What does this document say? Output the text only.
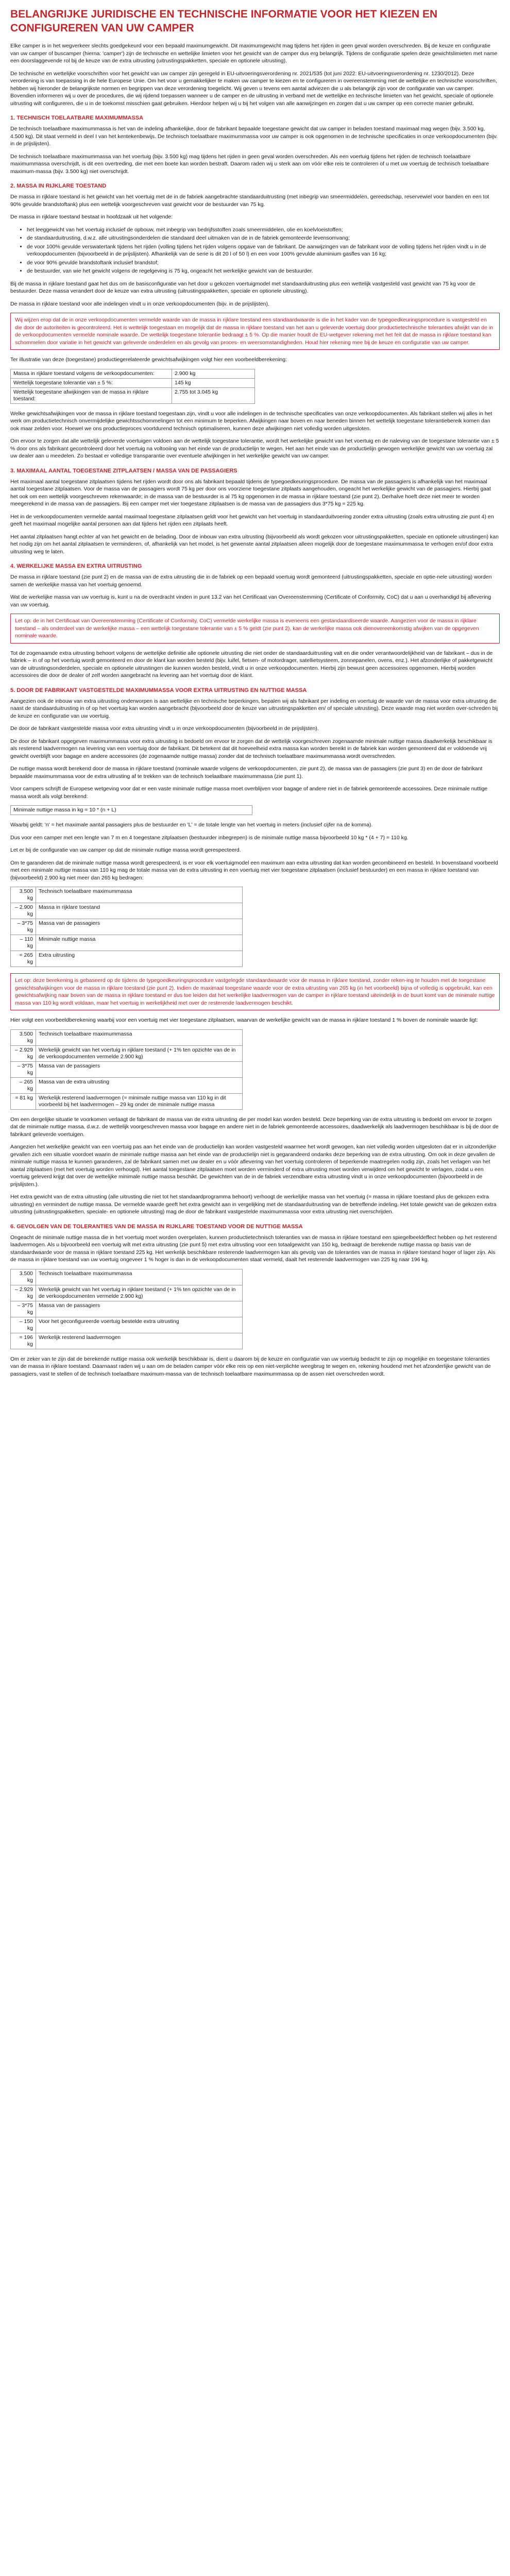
BELANGRIJKE JURIDISCHE EN TECHNISCHE INFORMATIE VOOR HET KIEZEN EN CONFIGUREREN VAN UW CAMPER

Elke camper is in het wegverkeer slechts goedgekeurd voor een bepaald maximumgewicht. Dit maximumgewicht mag tijdens het rijden in geen geval worden overschreden. Bij de keuze en configuratie van uw camper of buscamper (hierna: 'camper') zijn de technische en wettelijke limieten voor het gewicht van de camper dus erg belangrijk. Tijdens de configuratie spelen deze gewichtslimieten met name een doorslaggevende rol bij de keuze van de extra uitrusting (uitrustingspakketten, speciale en optionele uitrusting).

De technische en wettelijke voorschriften voor het gewicht van uw camper zijn geregeld in EU-uitvoeringsverordening nr. 2021/535 (tot juni 2022: EU-uitvoeringsverordening nr. 1230/2012). Deze verordening is van toepassing in de hele Europese Unie. Om het voor u gemakkelijker te maken uw camper te kiezen en te configureren in overeenstemming met de wettelijke en technische voorschriften, hebben wij hieronder de belangrijkste normen en begrippen van deze verordening toegelicht. Wij geven u tevens een aantal adviezen die u als belangrijk zijn voor de configuratie van uw camper. Bovendien informeren wij u over de procedures, die wij rijdend toepassen wanneer u de camper en de uitrusting in verband met de wettelijke en technische limieten van het gewicht, speciale of optionele uitrusting wilt configureren, die u in de toekomst misschien gaat gebruiken. Hierdoor helpen wij u bij het volgen van alle aanwijzingen en zorgen dat u uw camper op een correcte manier gebruikt.

1. TECHNISCH TOELAATBARE MAXIMUMMASSA

De technisch toelaatbare maximummassa is het van de indeling afhankelijke, door de fabrikant bepaalde toegestane gewicht dat uw camper in beladen toestand maximaal mag wegen (bijv. 3.500 kg, 4.500 kg). Dit staat vermeld in deel I van het kentekenbewijs. De technisch toelaatbare maximummassa voor uw camper is ook opgenomen in de technische specificaties in onze verkoopdocumenten (bijv. in de prijslijsten).

De technisch toelaatbare maximummassa van het voertuig (bijv. 3.500 kg) mag tijdens het rijden in geen geval worden overschreden. Als een voertuig tijdens het rijden de technisch toelaatbare maximummassa overschrijdt, is dit een overtreding, die met een boete kan worden bestraft. Daarom raden wij u sterk aan om vóór elke reis te controleren of u met uw voertuig de technisch toelaatbare maximum-massa (bijv. 3.500 kg) niet overschrijdt.

2. MASSA IN RIJKLARE TOESTAND

De massa in rijklare toestand is het gewicht van het voertuig met de in de fabriek aangebrachte standaarduitrusting (met inbegrip van smeermiddelen, gereedschap, reservewiel voor banden en een tot 90% gevulde brandstoftank) plus een wettelijk voorgeschreven vast gewicht voor de bestuurder van 75 kg.

De massa in rijklare toestand bestaat in hoofdzaak uit het volgende:

• het leeggewicht van het voertuig inclusief de opbouw, met inbegrip van bedrijfsstoffen zoals smeermiddelen, olie en koelvloeistoffen;
• de standaarduitrusting, d.w.z. alle uitrustingsonderdelen die standaard deel uitmaken van de in de fabriek gemonteerde levensomvang;
• de voor 100% gevulde verswatertank tijdens het rijden (volling tijdens het rijden volgens opgave van de fabrikant. De aanwijzingen van de fabrikant voor de volling tijdens het rijden vindt u in de verkoopdocumenten (bijvoorbeeld in de prijslijsten). Afhankelijk van de serie is dit 20 l of 50 l) en een voor 100% gevulde aluminium gasfles van 16 kg;
• de voor 90% gevulde brandstoftank inclusief brandstof;
• de bestuurder, van wie het gewicht volgens de regelgeving is 75 kg, ongeacht het werkelijke gewicht van de bestuurder.

Bij de massa in rijklare toestand gaat het dus om de basisconfiguratie van het door u gekozen voertuigmodel met standaarduitrusting plus een wettelijk vastgesteld vast gewicht van 75 kg voor de bestuurder. Deze massa verandert door de keuze van extra uitrusting (uitrustingspakketten, speciale en optionele uitrusting).

De massa in rijklare toestand voor alle indelingen vindt u in onze verkoopdocumenten (bijv. in de prijslijsten).

Wij wijzen erop dat de in onze verkoopdocumenten vermelde waarde van de massa in rijklare toestand een standaardwaarde is die in het kader van de typegoedkeuringsprocedure is vastgesteld en die door de autoriteiten is gecontroleerd. Het is wettelijk toegestaan en mogelijk dat de massa in rijklare toestand van het aan u geleverde voertuig door productietechnische toleranties afwijkt van de in de verkoopdocumenten vermelde nominale waarde. De wettelijk toegestane tolerantie bedraagt ± 5 %. Op die manier houdt de EU-wetgever rekening met het feit dat de massa in rijklare toestand kan schommelen door variatie in het gewicht van geleverde onderdelen en als gevolg van proces- en weersomstandigheden. Houd hier rekening mee bij de keuze en configuratie van uw camper.

Ter illustratie van deze (toegestane) productiegerelateerde gewichtsafwijkingen volgt hier een voorbeeldberekening:

Massa in rijklare toestand volgens de verkoopdocumenten:	2.900 kg
Wettelijk toegestane tolerantie van ± 5 %:	145 kg
Wettelijk toegestane afwijkingen van de massa in rijklare toestand:	2.755 tot 3.045 kg

Welke gewichtsafwijkingen voor de massa in rijklare toestand toegestaan zijn, vindt u voor alle indelingen in de technische specificaties van onze verkoopdocumenten. Als fabrikant stellen wij alles in het werk om productietechnisch onvermijdelijke gewichtsschommelingen tot een minimum te beperken. Afwijkingen naar boven en naar beneden binnen het wettelijk toegestane tolerantiebereik komen dan ook maar zelden voor. Hoewel we ons productieproces voortdurend technisch optimaliseren, kunnen deze afwijkingen niet volledig worden uitgesloten.

Om ervoor te zorgen dat alle wettelijk geleverde voertuigen voldoen aan de wettelijk toegestane tolerantie, wordt het werkelijke gewicht van het voertuig en de naleving van de toegestane tolerantie van ± 5 % door ons als fabrikant gecontroleerd door het voertuig na voltooiing van het einde van de productielijn te wegen. Het aan het einde van de productielijn gewogen werkelijke gewicht van uw voertuig zal uw dealer aan u meedelen. Zo bestaat er volledige transparantie over eventuele afwijkingen in het werkelijke gewicht van uw camper.

3. MAXIMAAL AANTAL TOEGESTANE ZITPLAATSEN / MASSA VAN DE PASSAGIERS

Het maximaal aantal toegestane zitplaatsen tijdens het rijden wordt door ons als fabrikant bepaald tijdens de typegoedkeuringsprocedure. De massa van de passagiers is afhankelijk van het maximaal aantal toegestane zitplaatsen. Voor de massa van de passagiers wordt 75 kg per door ons voorziene toegestane zitplaats aangehouden, ongeacht het werkelijke gewicht van de passagiers. Hierbij gaat het ook om een wettelijk voorgeschreven rekenwaarde; in de massa van de bestuurder is al 75 kg opgenomen in de massa in rijklare toestand (zie punt 2). Derhalve hoeft deze niet meer te worden meegerekend in de massa van de passagiers. Bij een camper met vier toegestane zitplaatsen is de massa van de passagiers dus 3*75 kg = 225 kg.

Het in de verkoopdocumenten vermelde aantal maximaal toegestane zitplaatsen geldt voor het gewicht van het voertuig in standaarduitvoering zonder extra uitrusting (zoals extra uitrusting zie punt 4) en geeft het maximaal mogelijke aantal personen aan dat tijdens het rijden een zitplaats heeft.

Het aantal zitplaatsen hangt echter af van het gewicht en de belading. Door de inbouw van extra uitrusting (bijvoorbeeld als wordt gekozen voor uitrustingspakketten, speciale en optionele uitrustingen) kan het nodig zijn om het aantal zitplaatsen te verminderen, of, afhankelijk van het model, is het gewenste aantal zitplaatsen alleen mogelijk door de toegestane maximummassa te verhogen en/of door extra uitrusting weg te laten.

4. WERKELIJKE MASSA EN EXTRA UITRUSTING

De massa in rijklare toestand (zie punt 2) en de massa van de extra uitrusting die in de fabriek op een bepaald voertuig wordt gemonteerd (uitrustingspakketten, speciale en optie-nele uitrusting) worden samen de werkelijke massa van het voertuig genoemd.

Wat de werkelijke massa van uw voertuig is, kunt u na de overdracht vinden in punt 13.2 van het Certificaat van Overeenstemming (Certificate of Conformity, CoC) dat u aan u overhandigd bij aflevering van uw voertuig.

Let op: de in het Certificaat van Overeenstemming (Certificate of Conformity, CoC) vermelde werkelijke massa is eveneens een gestandaardiseerde waarde. Aangezien voor de massa in rijklare toestand – als onderdeel van de werkelijke massa – een wettelijk toegestane tolerantie van ± 5 % geldt (zie punt 2), kan de werkelijke massa ook dienovereenkomstig afwijken van de opgegeven nominale waarde.

Tot de zogenaamde extra uitrusting behoort volgens de wettelijke definitie alle optionele uitrusting die niet onder de standaarduitrusting valt en die onder verantwoordelijkheid van de fabrikant – dus in de fabriek – in of op het voertuig wordt gemonteerd en door de klant kan worden besteld (bijv. luifel, fietsen- of motordrager, satellietsysteem, zonnepanelen, ovens, enz.). Het afzonderlijke of pakketgewicht van de uitrustingsonderdelen, speciale en optionele uitrustingen die kunnen worden besteld, vindt u in onze verkoopdocumenten. Hierbij zijn bewust geen accessoires opgenomen. Hierbij worden accessoires die door de dealer of zelf worden aangebracht na levering aan het voertuig door de klant.

5. DOOR DE FABRIKANT VASTGESTELDE MAXIMUMMASSA VOOR EXTRA UITRUSTING EN NUTTIGE MASSA

Aangezien ook de inbouw van extra uitrusting onderworpen is aan wettelijke en technische beperkingen, bepalen wij als fabrikant per indeling en voertuig de waarde van de massa voor extra uitrusting die naast de standaarduitrusting in of op het voertuig kan worden aangebracht (bijvoorbeeld door de keuze van uitrustingspakketten en/ of speciale uitrusting). Deze waarde mag niet worden over-schreden bij de keuze en configuratie van uw voertuig.

De door de fabrikant vastgestelde massa voor extra uitrusting vindt u in onze verkoopdocumenten (bijvoorbeeld in de prijslijsten).

De door de fabrikant opgegeven maximummassa voor extra uitrusting is bedoeld om ervoor te zorgen dat de wettelijk voorgeschreven zogenaamde minimale nuttige massa daadwerkelijk beschikbaar is als resterend laadvermogen na levering van een voertuig door de fabrikant. Dit betekent dat dit hoeveelheid extra massa kan worden bereikt in de fabriek kan worden gemonteerd dat er voldoende vrij gewicht overblijft voor bagage en andere accessoires (de zogenaamde nuttige massa) zonder dat de technisch toelaatbare maximummassa wordt overschreden.

De nuttige massa wordt berekend door de massa in rijklare toestand (nominale waarde volgens de verkoopdocumenten, zie punt 2), de massa van de passagiers (zie punt 3) en de door de fabrikant bepaalde maximummassa voor de extra uitrusting af te trekken van de technisch toelaatbare maximummassa (zie punt 1).

Voor campers schrijft de Europese wetgeving voor dat er een vaste minimale nuttige massa moet overblijven voor bagage of andere niet in de fabriek gemonteerde accessoires. Deze minimale nuttige massa wordt als volgt berekend:

Minimale nuttige massa in kg = 10 * (n + L)

Waarbij geldt: 'n' = het maximale aantal passagiers plus de bestuurder en 'L' = de totale lengte van het voertuig in meters (inclusief cijfer na de komma).

Dus voor een camper met een lengte van 7 m en 4 toegestane zitplaatsen (bestuurder inbegrepen) is de minimale nuttige massa bijvoorbeeld 10 kg * (4 + 7) = 110 kg.

Let er bij de configuratie van uw camper op dat de minimale nuttige massa wordt gerespecteerd.

Om te garanderen dat de minimale nuttige massa wordt gerespecteerd, is er voor elk voertuigmodel een maximum aan extra uitrusting dat kan worden gecombineerd en besteld. In bovenstaand voorbeeld met een minimale nuttige massa van 110 kg mag de totale massa van de extra uitrusting in een voertuig met vier toegestane zitplaatsen (inclusief bestuurder) en een massa in rijklare toestand van (bijvoorbeeld) 2.900 kg niet meer dan 265 kg bedragen:

3.500 kg	Technisch toelaatbare maximummassa
– 2.900 kg	Massa in rijklare toestand
– 3*75 kg	Massa van de passagiers
– 110 kg	Minimale nuttige massa
= 265 kg	Extra uitrusting

Let op: deze berekening is gebaseerd op de tijdens de typegoedkeuringsprocedure vastgelegde standaardwaarde voor de massa in rijklare toestand, zonder reken-ing te houden met de toegestane gewichtsafwijkingen voor de massa in rijklare toestand (zie punt 2). Indien de maximaal toegestane waarde voor de extra uitrusting van 265 kg (in het voorbeeld) bijna of volledig is opgebruikt, kan een gewichtsafwijking naar boven van de massa in rijklare toestand er dus toe leiden dat het werkelijke laadvermogen van de camper in rijklare toestand uiteindelijk in de buurt komt van de minimale nuttige massa van 110 kg wordt voldaan, maar het voertuig in werkelijkheid met over de resterende laadvermogen beschikt.

Hier volgt een voorbeeldberekening waarbij voor een voertuig met vier toegestane zitplaatsen, waarvan de werkelijke gewicht van de massa in rijklare toestand 1 % boven de nominale waarde ligt:

3.500 kg	Technisch toelaatbare maximummassa
– 2.929 kg	Werkelijk gewicht van het voertuig in rijklare toestand (+ 1% ten opzichte van de in de verkoopdocumenten vermelde 2.900 kg)
– 3*75 kg	Massa van de passagiers
– 265 kg	Massa van de extra uitrusting
= 81 kg	Werkelijk resterend laadvermogen (= minimale nuttige massa van 110 kg in dit voorbeeld bij het laadvermogen – 29 kg onder de minimale nuttige massa

Om een dergelijke situatie te voorkomen verlaagt de fabrikant de massa van de extra uitrusting die per model kan worden besteld. Deze beperking van de extra uitrusting is bedoeld om ervoor te zorgen dat de minimale nuttige massa, d.w.z. de wettelijk voorgeschreven massa voor bagage en andere niet in de fabriek gemonteerde accessoires, daadwerkelijk als laadvermogen beschikbaar is bij de door de fabrikant geleverde voertuigen.

Aangezien het werkelijke gewicht van een voertuig pas aan het einde van de productielijn kan worden vastgesteld waarmee het wordt gewogen, kan niet volledig worden uitgesloten dat er in uitzonderlijke gevallen zich een situatie voordoet waarin de minimale nuttige massa aan het einde van de productielijn niet is gegarandeerd ondanks deze beperking van de extra uitrusting. Om ook in deze gevallen de minimale nuttige massa te kunnen garanderen, zal de fabrikant samen met uw dealer en u vóór aflevering van het voertuig controleren of beperkende maatregelen nodig zijn, zoals het verlagen van het aantal zitplaatsen (met het voertuig worden verhoogd). Het aantal toegestane zitplaatsen moet worden verminderd of extra uitrusting moet worden verwijderd om het gewicht te verlagen, zodat u een voertuig geleverd krijgt dat over de wettelijke minimale nuttige massa beschikt. De gewichten van de in de fabriek verzendbare extra uitrusting vindt u in onze verkoopdocumenten (bijvoorbeeld in de prijslijsten.).

Het extra gewicht van de extra uitrusting (alle uitrusting die niet tot het standaardprogramma behoort) verhoogt de werkelijke massa van het voertuig (= massa in rijklare toestand plus de gekozen extra uitrusting) en vermindert de nuttige massa. De vermelde waarde geeft het extra gewicht aan in vergelijking met de standaarduitrusting van de betreffende indeling. Het totale gewicht van de gekozen extra uitrusting (uitrustingspakketten, speciale- en optionele uitrusting) mag de door de fabrikant vastgestelde maximummassa voor extra uitrusting niet overschrijden.

6. GEVOLGEN VAN DE TOLERANTIES VAN DE MASSA IN RIJKLARE TOESTAND VOOR DE NUTTIGE MASSA

Ongeacht de minimale nuttige massa die in het voertuig moet worden overgelaten, kunnen productietechnisch toleranties van de massa in rijklare toestand een spiegelbeeldeffect hebben op het resterend laadvermogen. Als u bijvoorbeeld een voertuig wilt met extra uitrusting (zie punt 5) met extra uitrusting voor een totaalgewicht van 150 kg, bedraagt de berekende nuttige massa op basis van de standaardwaarde voor de massa in rijklare toestand 225 kg. Het werkelijk beschikbare resterende laadvermogen kan als gevolg van de toleranties van de massa in rijklare toestand hoger of lager zijn. Als de massa in rijklare toestand van uw voertuig ongeveer 1 % hoger is dan in de verkoopdocumenten staat vermeld, daalt het resterende laadvermogen van 225 kg naar 196 kg.

3.500 kg	Technisch toelaatbare maximummassa
– 2.929 kg	Werkelijk gewicht van het voertuig in rijklare toestand (+ 1% ten opzichte van de in de verkoopdocumenten vermelde 2.900 kg)
– 3*75 kg	Massa van de passagiers
– 150 kg	Voor het geconfigureerde voertuig bestelde extra uitrusting
= 196 kg	Werkelijk resterend laadvermogen

Om er zeker van te zijn dat de berekende nuttige massa ook werkelijk beschikbaar is, dient u daarom bij de keuze en configuratie van uw voertuig bedacht te zijn op mogelijke en toegestane toleranties van de massa in rijklare toestand. Daarnaast raden wij u aan om de beladen camper vóór elke reis op een niet-verplichte weegbrug te wegen en, rekening houdend met het afzonderlijke gewicht van de passagiers, vast te stellen of de technisch toelaatbare maximum-massa van de technisch toelaatbare maximummassa op de assen niet overschreden wordt.
